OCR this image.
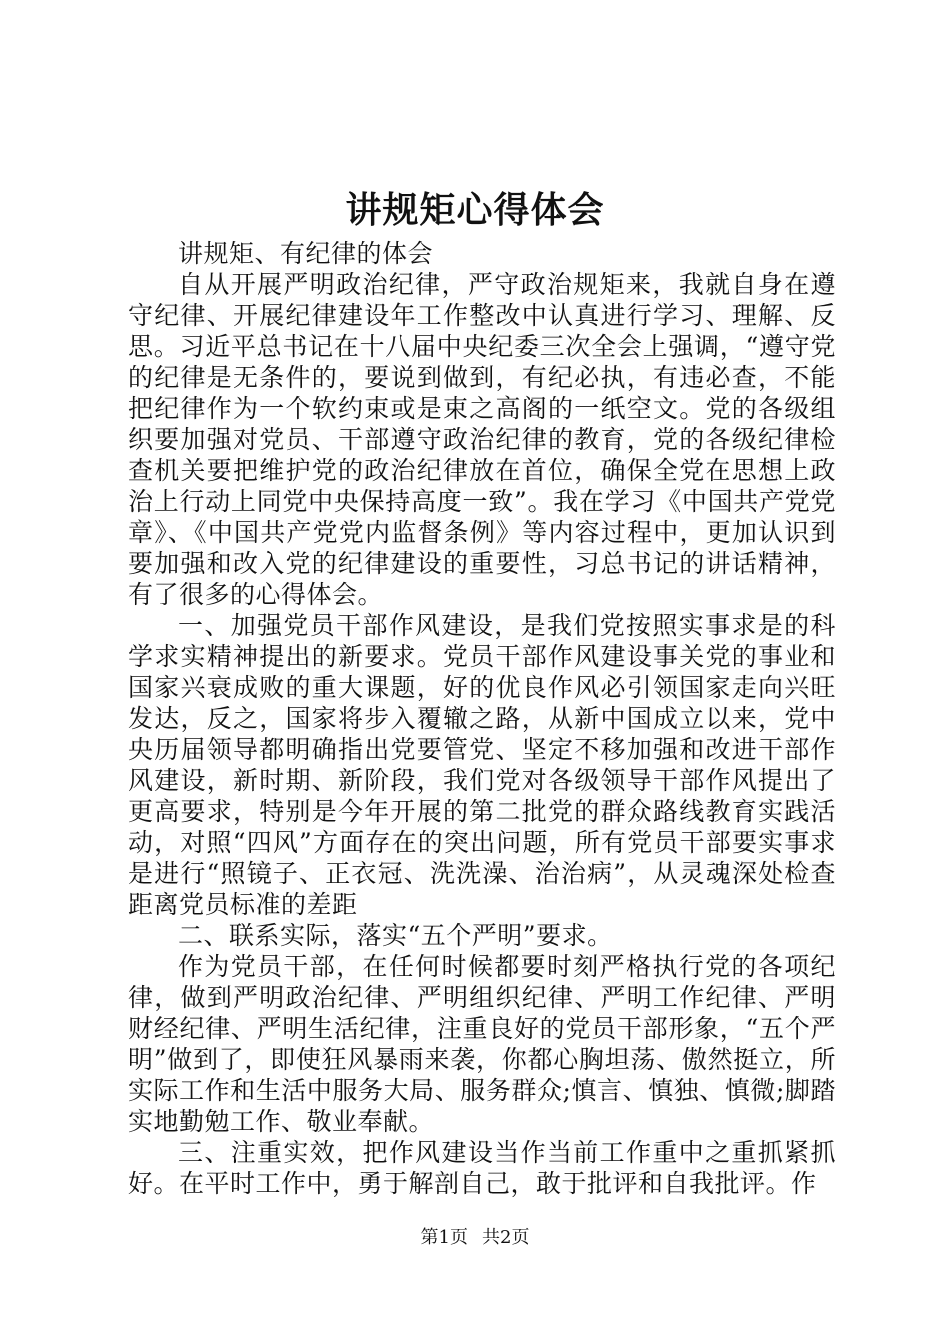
讲规矩心得体会

讲规矩、有纪律的体会

自从开展严明政治纪律，严守政治规矩来，我就自身在遵守纪律、开展纪律建设年工作整改中认真进行学习、理解、反思。习近平总书记在十八届中央纪委三次全会上强调，“遵守党的纪律是无条件的，要说到做到，有纪必执，有违必查，不能把纪律作为一个软约束或是束之高阁的一纸空文。党的各级组织要加强对党员、干部遵守政治纪律的教育，党的各级纪律检查机关要把维护党的政治纪律放在首位，确保全党在思想上政治上行动上同党中央保持高度一致”。我在学习《中国共产党党章》、《中国共产党党内监督条例》等内容过程中，更加认识到要加强和改入党的纪律建设的重要性，习总书记的讲话精神，有了很多的心得体会。

一、加强党员干部作风建设，是我们党按照实事求是的科学求实精神提出的新要求。党员干部作风建设事关党的事业和国家兴衰成败的重大课题，好的优良作风必引领国家走向兴旺发达，反之，国家将步入覆辙之路，从新中国成立以来，党中央历届领导都明确指出党要管党、坚定不移加强和改进干部作风建设，新时期、新阶段，我们党对各级领导干部作风提出了更高要求，特别是今年开展的第二批党的群众路线教育实践活动，对照“四风”方面存在的突出问题，所有党员干部要实事求是进行“照镜子、正衣冠、洗洗澡、治治病”，从灵魂深处检查距离党员标准的差距

二、联系实际，落实“五个严明”要求。

作为党员干部，在任何时候都要时刻严格执行党的各项纪律，做到严明政治纪律、严明组织纪律、严明工作纪律、严明财经纪律、严明生活纪律，注重良好的党员干部形象，“五个严明”做到了，即使狂风暴雨来袭，你都心胸坦荡、傲然挺立，所实际工作和生活中服务大局、服务群众;慎言、慎独、慎微;脚踏实地勤勉工作、敬业奉献。

三、注重实效，把作风建设当作当前工作重中之重抓紧抓好。在平时工作中，勇于解剖自己，敢于批评和自我批评。作

第1页 共2页
